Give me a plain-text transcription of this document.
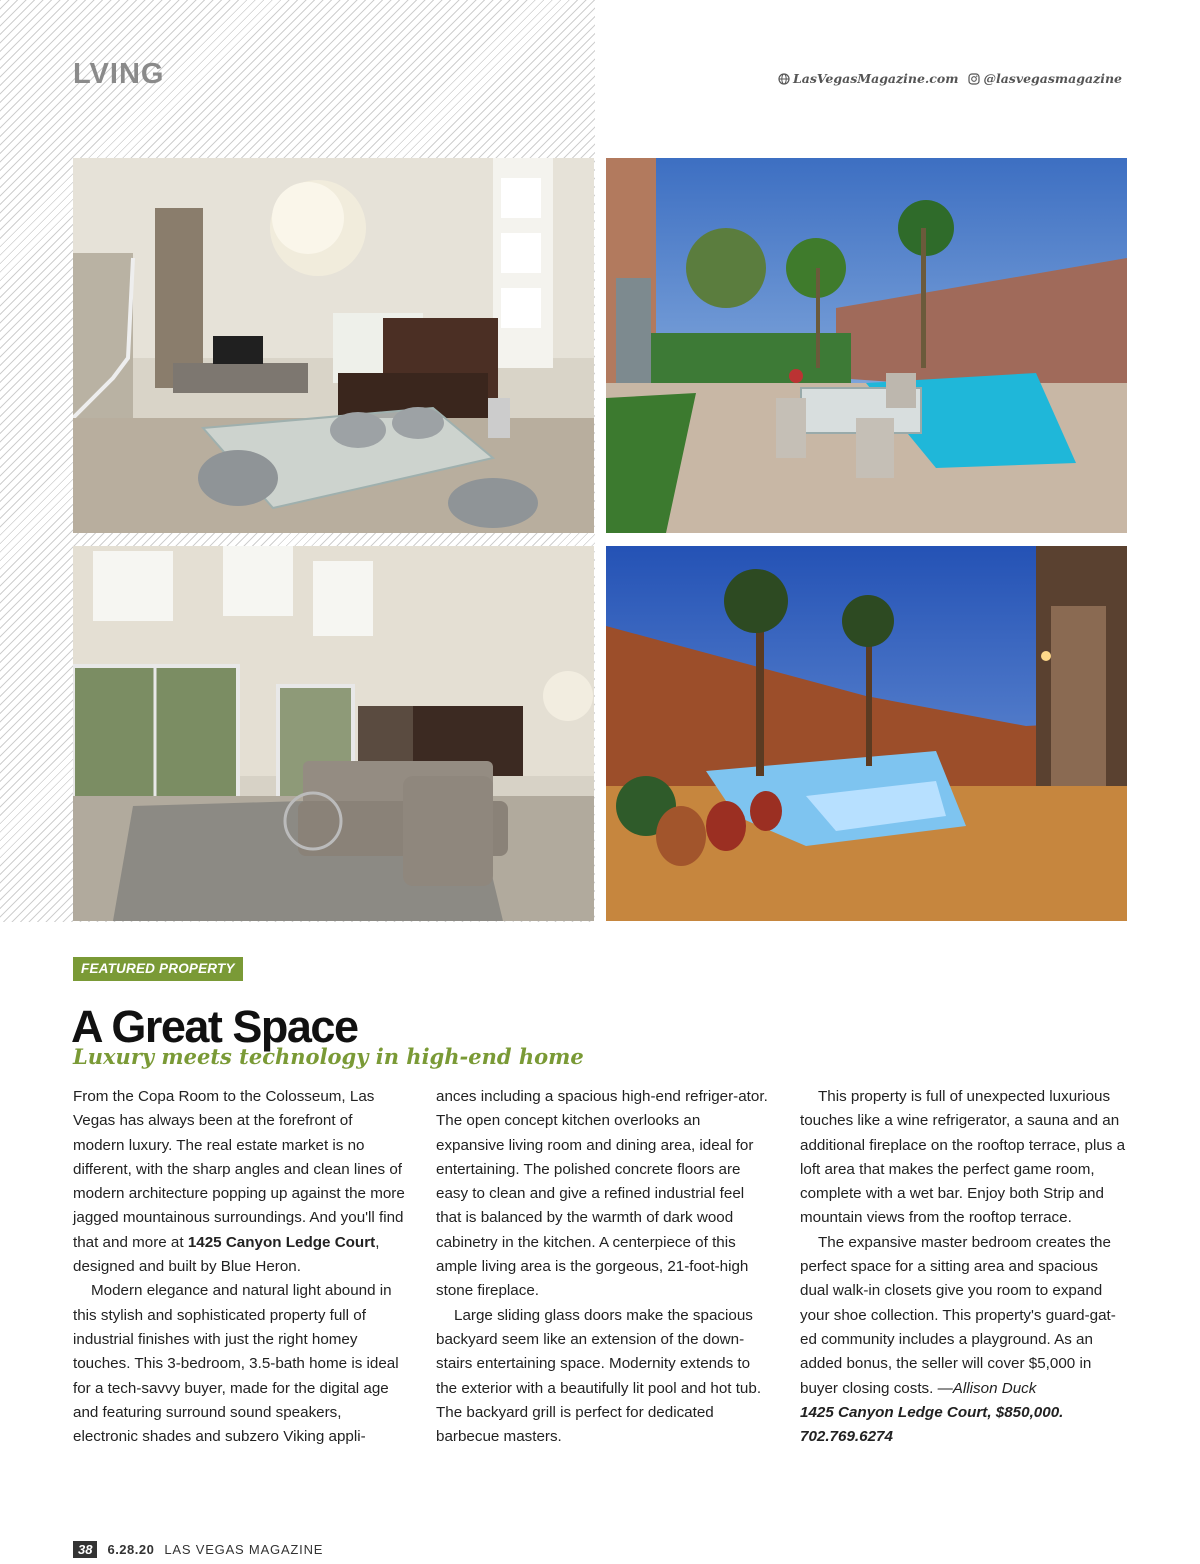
LVING	LasVegasMagazine.com @lasvegasmagazine
FEATURED PROPERTY
A Great Space
Luxury meets technology in high-end home

From the Copa Room to the Colosseum, Las Vegas has always been at the forefront of modern luxury. The real estate market is no different, with the sharp angles and clean lines of modern architecture popping up against the more jagged mountainous surroundings. And you'll find that and more at 1425 Canyon Ledge Court, designed and built by Blue Heron.

Modern elegance and natural light abound in this stylish and sophisticated property full of industrial finishes with just the right homey touches. This 3-bedroom, 3.5-bath home is ideal for a tech-savvy buyer, made for the digital age and featuring surround sound speakers, electronic shades and subzero Viking appli-

ances including a spacious high-end refriger-ator. The open concept kitchen overlooks an expansive living room and dining area, ideal for entertaining. The polished concrete floors are easy to clean and give a refined industrial feel that is balanced by the warmth of dark wood cabinetry in the kitchen. A centerpiece of this ample living area is the gorgeous, 21-foot-high stone fireplace.

Large sliding glass doors make the spacious backyard seem like an extension of the down-stairs entertaining space. Modernity extends to the exterior with a beautifully lit pool and hot tub. The backyard grill is perfect for dedicated barbecue masters.

This property is full of unexpected luxurious touches like a wine refrigerator, a sauna and an additional fireplace on the rooftop terrace, plus a loft area that makes the perfect game room, complete with a wet bar. Enjoy both Strip and mountain views from the rooftop terrace.

The expansive master bedroom creates the perfect space for a sitting area and spacious dual walk-in closets give you room to expand your shoe collection. This property's guard-gat-ed community includes a playground. As an added bonus, the seller will cover $5,000 in buyer closing costs. —Allison Duck

1425 Canyon Ledge Court, $850,000.

702.769.6274

38	6.28.20 LAS VEGAS MAGAZINE
